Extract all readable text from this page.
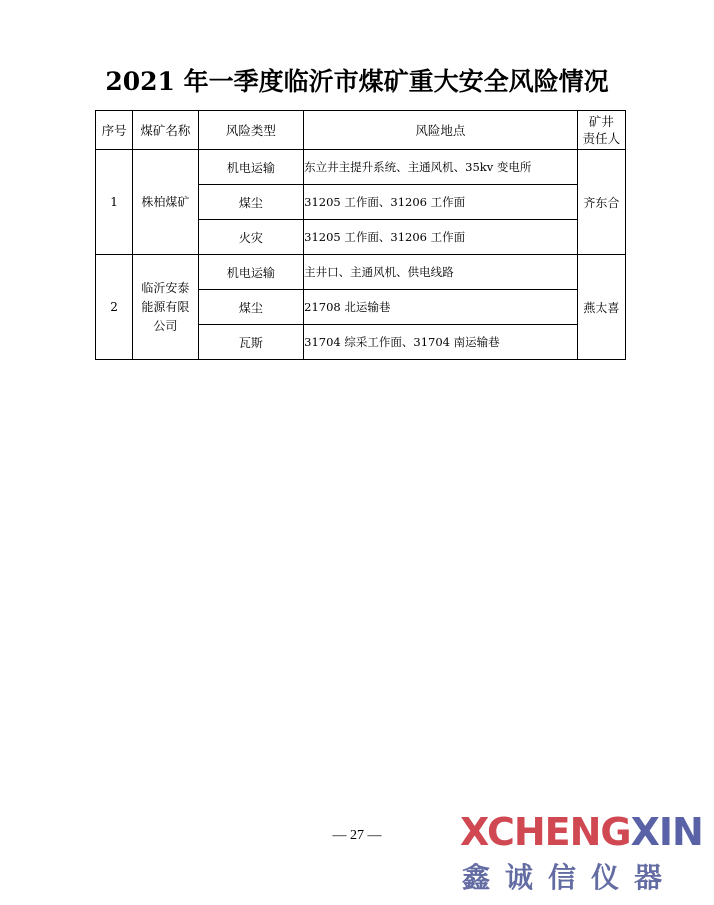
2021 年一季度临沂市煤矿重大安全风险情况
序号	煤矿名称	风险类型	风险地点	矿井
责任人
1	株柏煤矿	机电运输	东立井主提升系统、主通风机、35kv 变电所	齐东合
		煤尘	31205 工作面、31206 工作面	
		火灾	31205 工作面、31206 工作面	
2	临沂安泰
能源有限
公司	机电运输	主井口、主通风机、供电线路	燕太喜
		煤尘	21708 北运输巷	
		瓦斯	31704 综采工作面、31704 南运输巷	
— 27 —	XCHENGXIN
鑫诚信仪器
